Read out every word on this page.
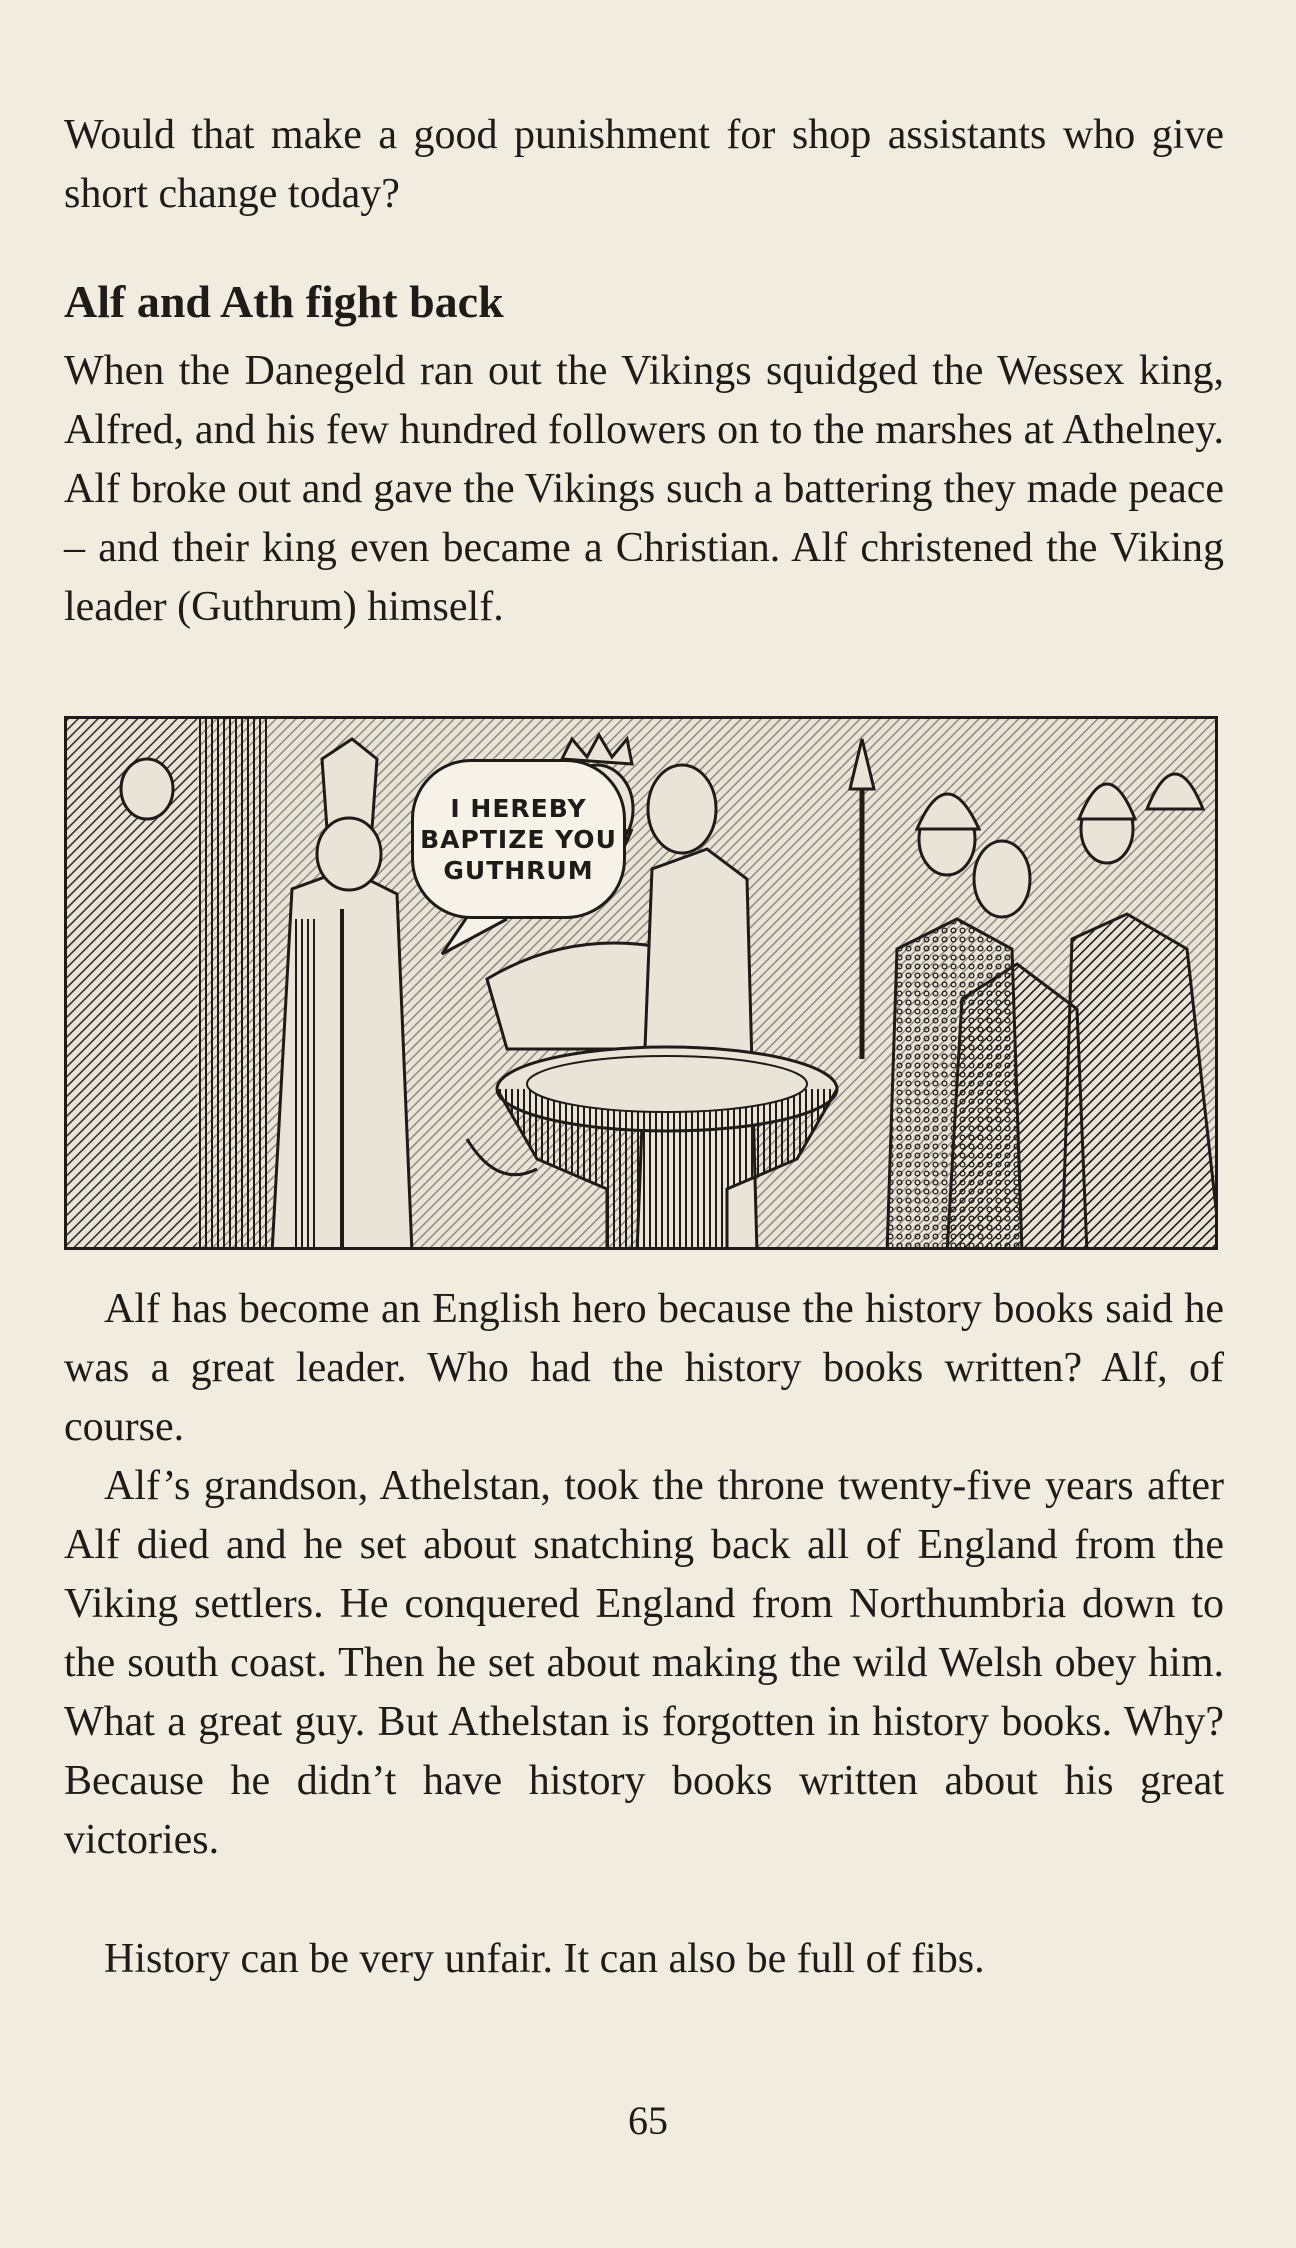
Would that make a good punishment for shop assistants who give short change today?

Alf and Ath fight back

When the Danegeld ran out the Vikings squidged the Wessex king, Alfred, and his few hundred followers on to the marshes at Athelney. Alf broke out and gave the Vikings such a battering they made peace – and their king even became a Christian. Alf christened the Viking leader (Guthrum) himself.

I HEREBY
BAPTIZE YOU
GUTHRUM

Alf has become an English hero because the history books said he was a great leader. Who had the history books written? Alf, of course.

Alf’s grandson, Athelstan, took the throne twenty-five years after Alf died and he set about snatching back all of England from the Viking settlers. He conquered England from Northumbria down to the south coast. Then he set about making the wild Welsh obey him. What a great guy. But Athelstan is forgotten in history books. Why? Because he didn’t have history books written about his great victories.

History can be very unfair. It can also be full of fibs.

65
